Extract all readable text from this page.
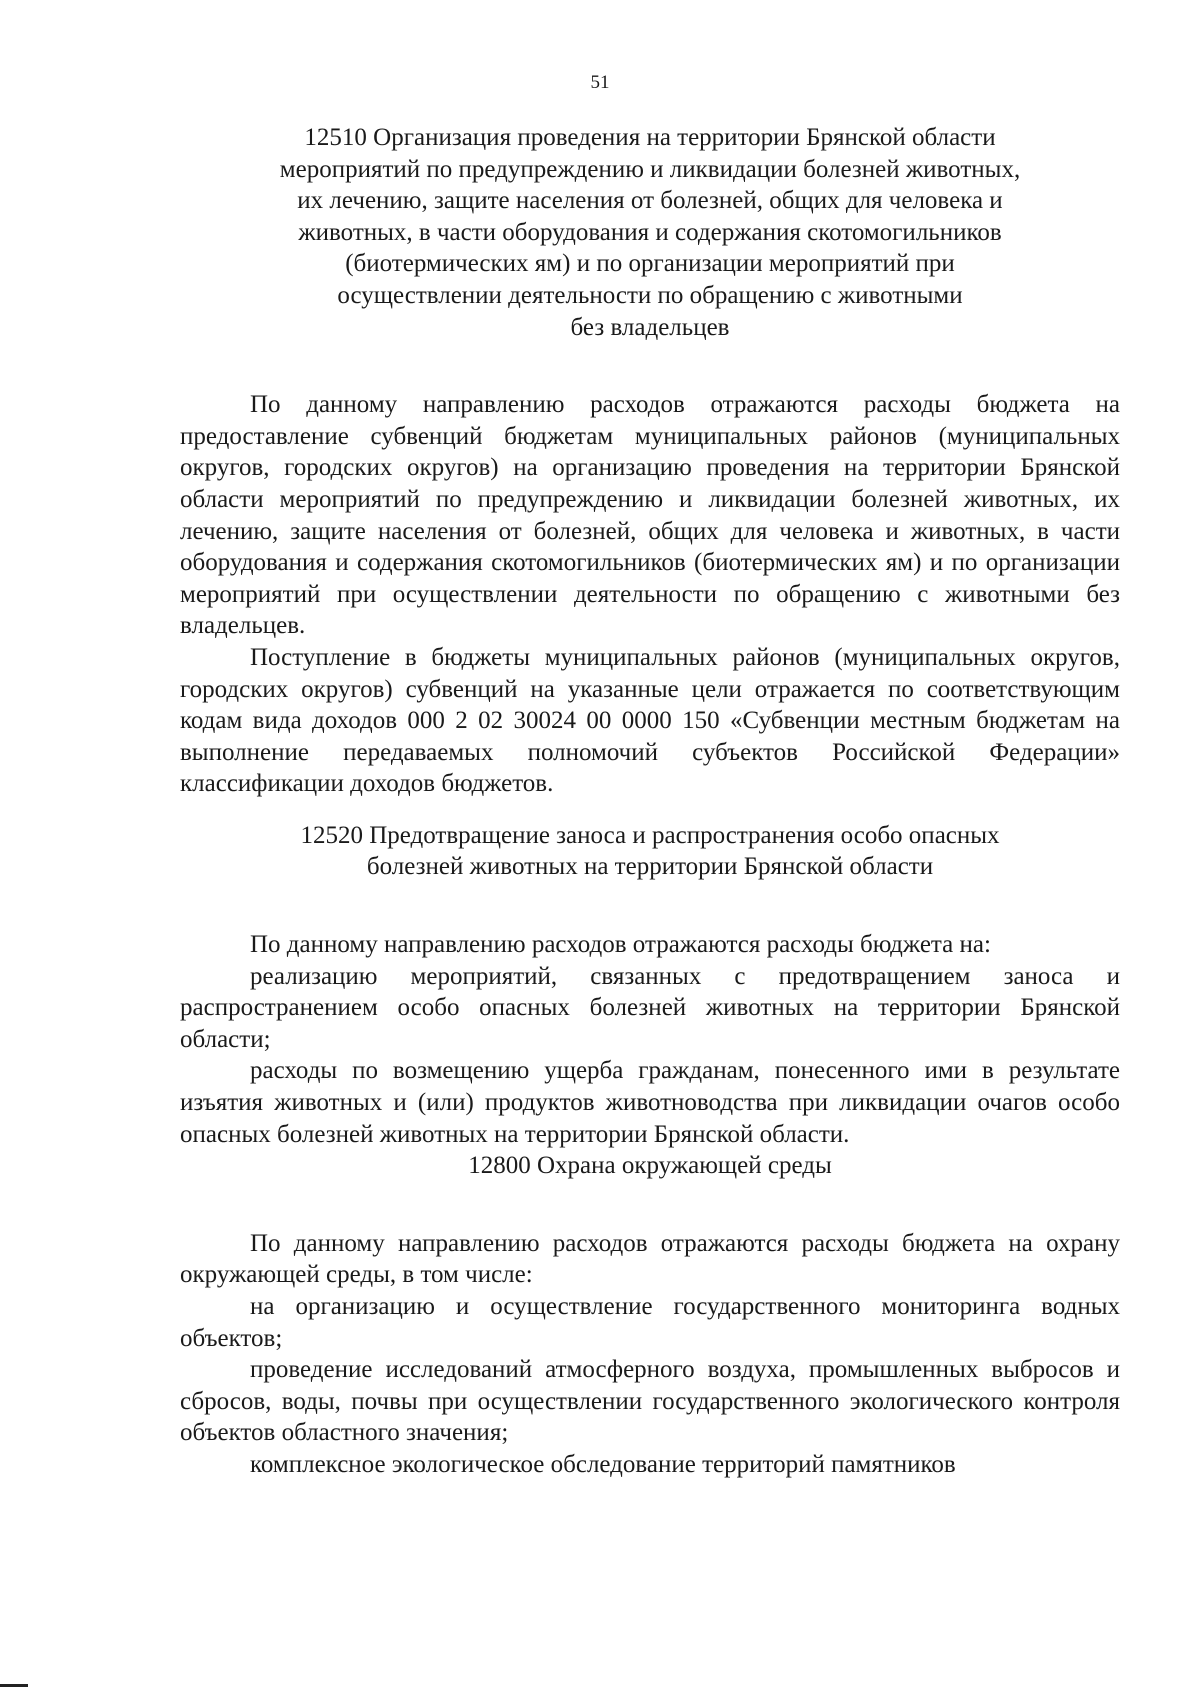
51
12510 Организация проведения на территории Брянской области
мероприятий по предупреждению и ликвидации болезней животных,
их лечению, защите населения от болезней, общих для человека и
животных, в части оборудования и содержания скотомогильников
(биотермических ям) и по организации мероприятий при
осуществлении деятельности по обращению с животными
без владельцев

По данному направлению расходов отражаются расходы бюджета на предоставление субвенций бюджетам муниципальных районов (муниципальных округов, городских округов) на организацию проведения на территории Брянской области мероприятий по предупреждению и ликвидации болезней животных, их лечению, защите населения от болезней, общих для человека и животных, в части оборудования и содержания скотомогильников (биотермических ям) и по организации мероприятий при осуществлении деятельности по обращению с животными без владельцев.

Поступление в бюджеты муниципальных районов (муниципальных округов, городских округов) субвенций на указанные цели отражается по соответствующим кодам вида доходов 000 2 02 30024 00 0000 150 «Субвенции местным бюджетам на выполнение передаваемых полномочий субъектов Российской Федерации» классификации доходов бюджетов.

12520 Предотвращение заноса и распространения особо опасных
болезней животных на территории Брянской области

По данному направлению расходов отражаются расходы бюджета на:

реализацию мероприятий, связанных с предотвращением заноса и распространением особо опасных болезней животных на территории Брянской области;

расходы по возмещению ущерба гражданам, понесенного ими в результате изъятия животных и (или) продуктов животноводства при ликвидации очагов особо опасных болезней животных на территории Брянской области.

12800 Охрана окружающей среды

По данному направлению расходов отражаются расходы бюджета на охрану окружающей среды, в том числе:

на организацию и осуществление государственного мониторинга водных объектов;

проведение исследований атмосферного воздуха, промышленных выбросов и сбросов, воды, почвы при осуществлении государственного экологического контроля объектов областного значения;

комплексное экологическое обследование территорий памятников
